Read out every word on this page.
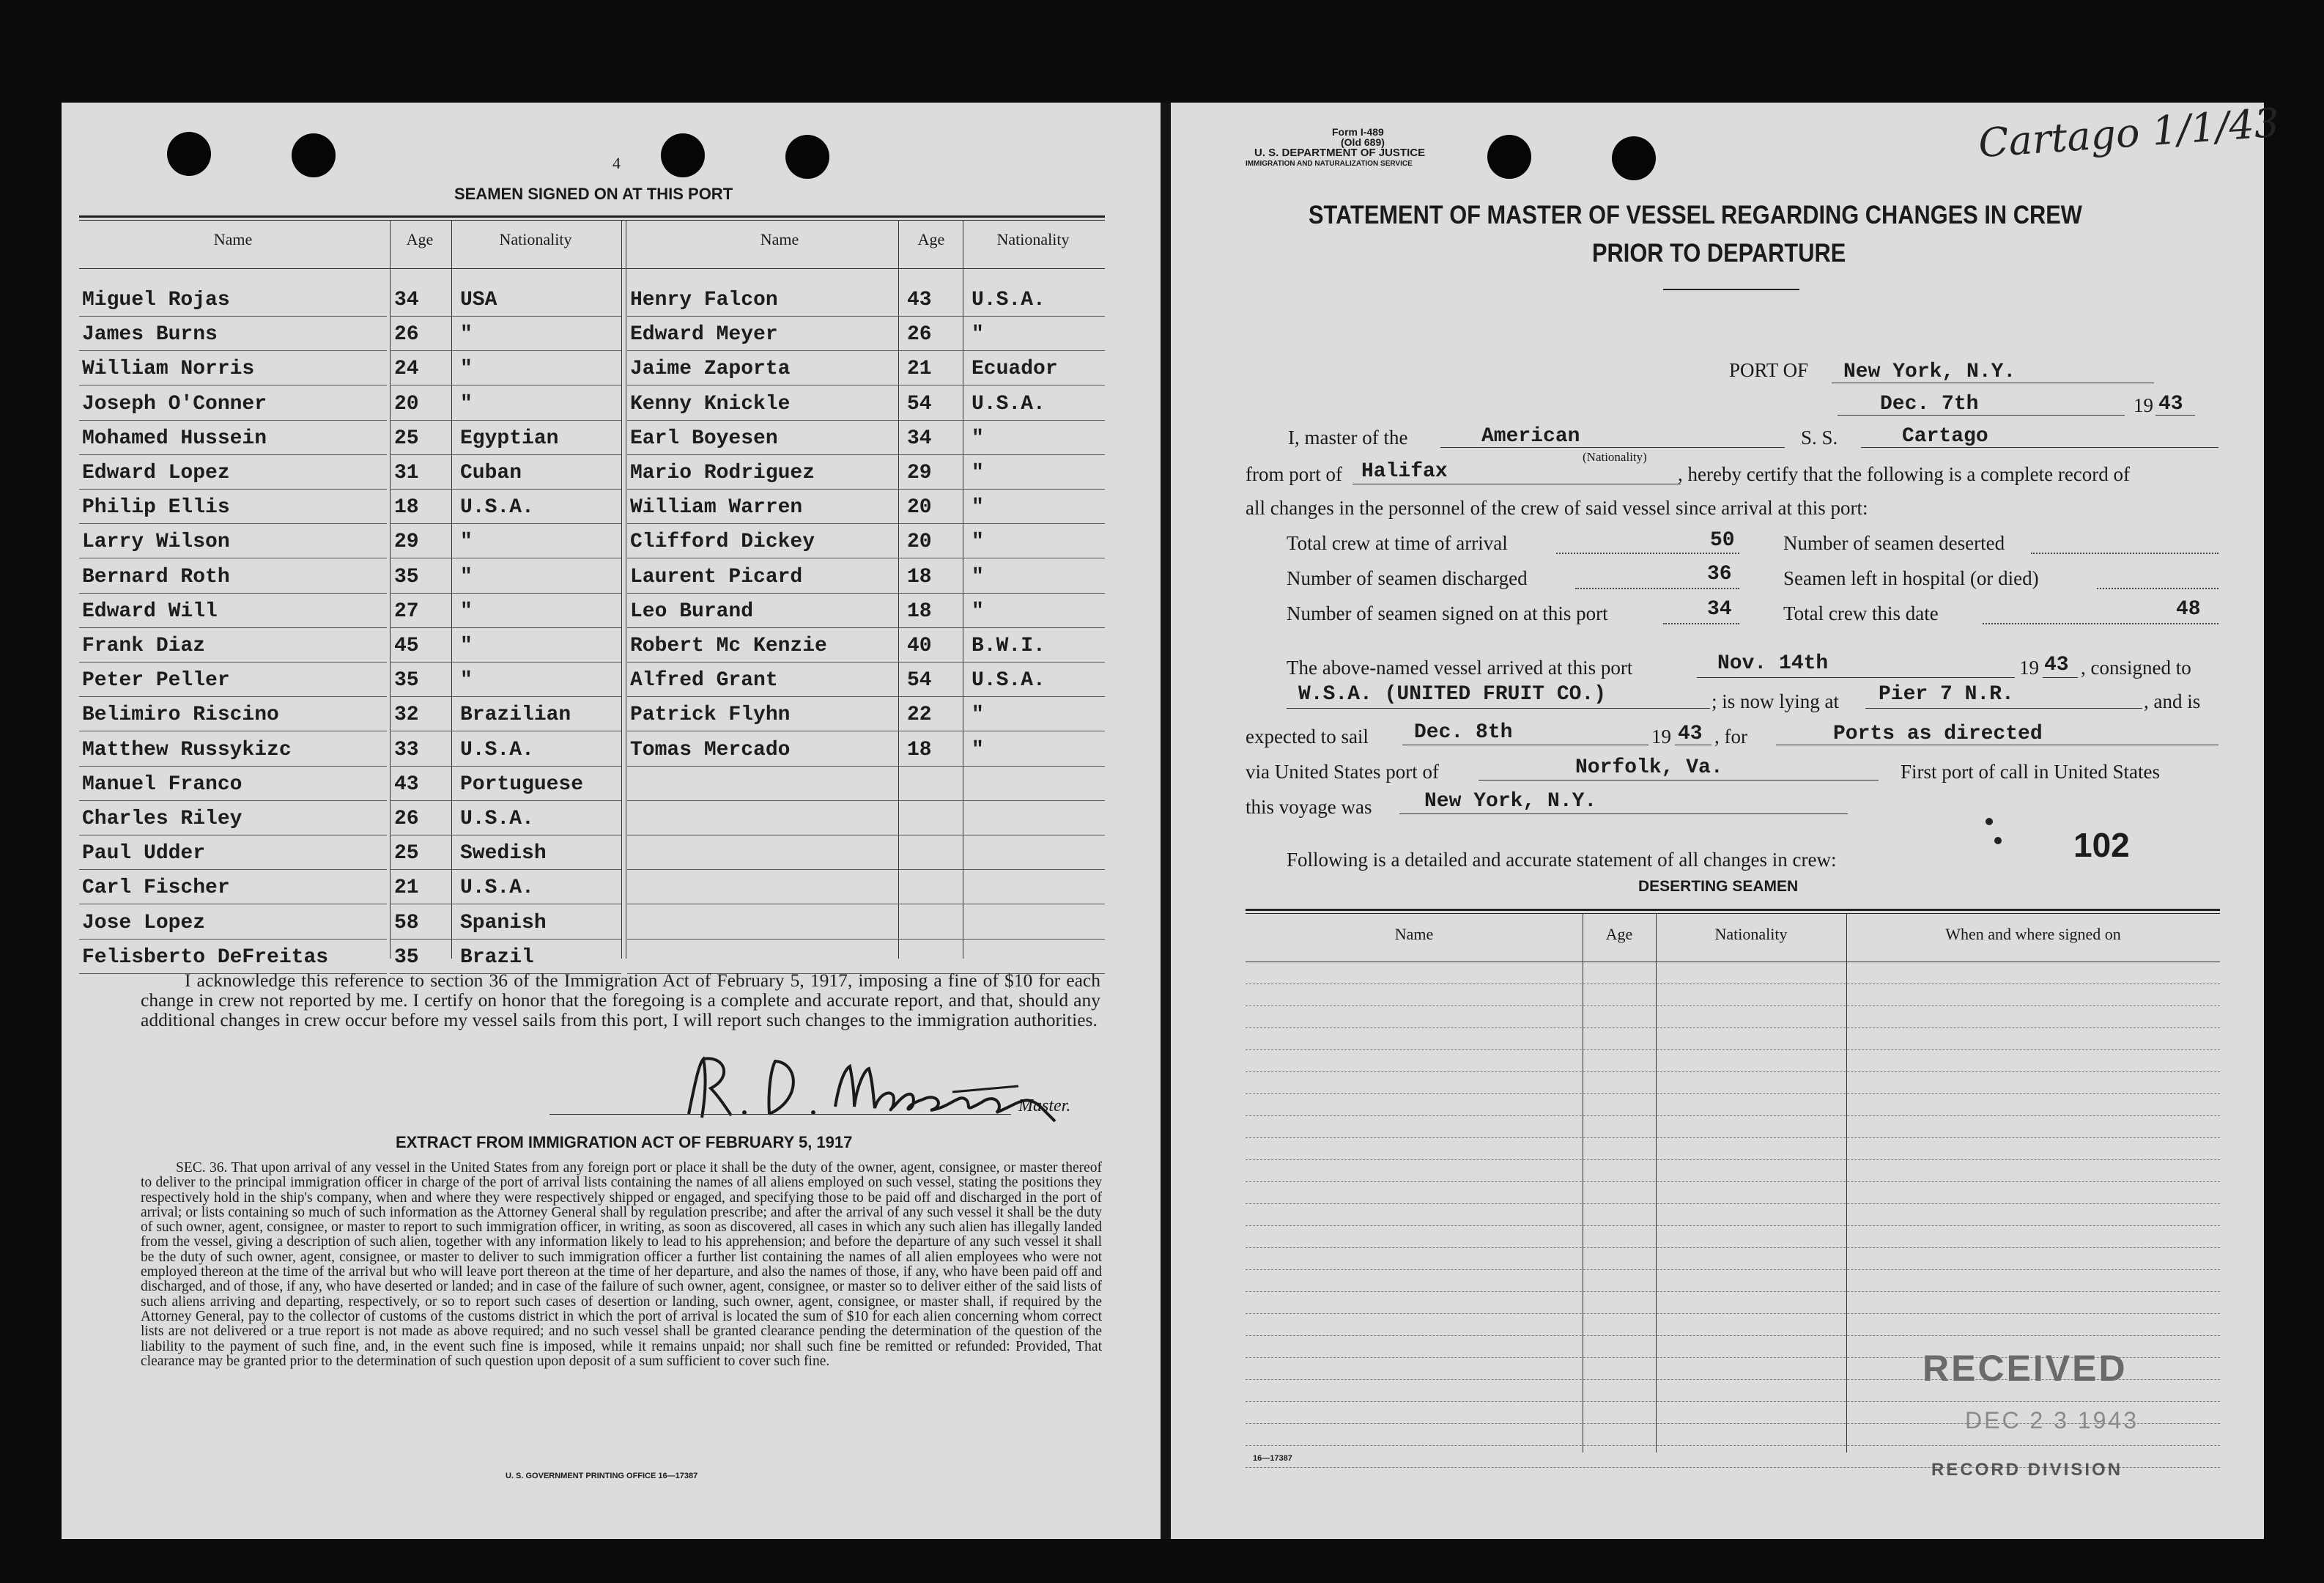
4
SEAMEN SIGNED ON AT THIS PORT
Name	Age	Nationality	Name	Age	Nationality
Miguel Rojas	34 USA	Henry Falcon	43 U.S.A.
James Burns	26 "	Edward Meyer	26 "
William Norris	24 "	Jaime Zaporta	21 Ecuador
Joseph O'Conner	20 "	Kenny Knickle	54 U.S.A.
Mohamed Hussein	25 Egyptian	Earl Boyesen	34 "
Edward Lopez	31 Cuban	Mario Rodriguez	29 "
Philip Ellis	18 U.S.A.	William Warren	20 "
Larry Wilson	29 "	Clifford Dickey	20 "
Bernard Roth	35 "	Laurent Picard	18 "
Edward Will	27 "	Leo Burand	18 "
Frank Diaz	45 "	Robert Mc Kenzie	40 B.W.I.
Peter Peller	35 "	Alfred Grant	54 U.S.A.
Belimiro Riscino	32 Brazilian	Patrick Flyhn	22 "
Matthew Russykizc	33 U.S.A.	Tomas Mercado	18 "
Manuel Franco	43 Portuguese
Charles Riley	26 U.S.A.
Paul Udder	25 Swedish
Carl Fischer	21 U.S.A.
Jose Lopez	58 Spanish
Felisberto DeFreitas	35 Brazil
I acknowledge this reference to section 36 of the Immigration Act of February 5, 1917, imposing a fine of $10 for each change in crew not reported by me. I certify on honor that the foregoing is a complete and accurate report, and that, should any additional changes in crew occur before my vessel sails from this port, I will report such changes to the immigration authorities.
Master.
EXTRACT FROM IMMIGRATION ACT OF FEBRUARY 5, 1917
SEC. 36. That upon arrival of any vessel in the United States from any foreign port or place it shall be the duty of the owner, agent, consignee, or master thereof to deliver to the principal immigration officer in charge of the port of arrival lists containing the names of all aliens employed on such vessel, stating the positions they respectively hold in the ship's company, when and where they were respectively shipped or engaged, and specifying those to be paid off and discharged in the port of arrival; or lists containing so much of such information as the Attorney General shall by regulation prescribe; and after the arrival of any such vessel it shall be the duty of such owner, agent, consignee, or master to report to such immigration officer, in writing, as soon as discovered, all cases in which any such alien has illegally landed from the vessel, giving a description of such alien, together with any information likely to lead to his apprehension; and before the departure of any such vessel it shall be the duty of such owner, agent, consignee, or master to deliver to such immigration officer a further list containing the names of all alien employees who were not employed thereon at the time of the arrival but who will leave port thereon at the time of her departure, and also the names of those, if any, who have been paid off and discharged, and of those, if any, who have deserted or landed; and in case of the failure of such owner, agent, consignee, or master so to deliver either of the said lists of such aliens arriving and departing, respectively, or so to report such cases of desertion or landing, such owner, agent, consignee, or master shall, if required by the Attorney General, pay to the collector of customs of the customs district in which the port of arrival is located the sum of $10 for each alien concerning whom correct lists are not delivered or a true report is not made as above required; and no such vessel shall be granted clearance pending the determination of the question of the liability to the payment of such fine, and, in the event such fine is imposed, while it remains unpaid; nor shall such fine be remitted or refunded: Provided, That clearance may be granted prior to the determination of such question upon deposit of a sum sufficient to cover such fine.
U. S. GOVERNMENT PRINTING OFFICE 16—17387
Form I-489
(Old 689)
U. S. DEPARTMENT OF JUSTICE
IMMIGRATION AND NATURALIZATION SERVICE	Cartago 1/1/43
STATEMENT OF MASTER OF VESSEL REGARDING CHANGES IN CREW
PRIOR TO DEPARTURE
PORT OF New York, N.Y.
Dec. 7th	19 43
I, master of the	American
(Nationality)
S. S.	Cartago
from port of Halifax	, hereby certify that the following is a complete record of
all changes in the personnel of the crew of said vessel since arrival at this port:
Total crew at time of arrival	50 Number of seamen deserted
Number of seamen discharged	36	Seamen left in hospital (or died)
Number of seamen signed on at this port	34	Total crew this date	48
The above-named vessel arrived at this port	Nov. 14th	19 43 , consigned to
W.S.A. (UNITED FRUIT CO.)	; is now lying at Pier 7 N.R.	, and is
expected to sail Dec. 8th	19 43 , for	Ports as directed
via United States port of	Norfolk, Va.	First port of call in United States
this voyage was	New York, N.Y.
Following is a detailed and accurate statement of all changes in crew:	102
DESERTING SEAMEN
Name	Age	Nationality	When and where signed on
RECEIVED
DEC 2 3 1943
RECORD DIVISION
16—17387
